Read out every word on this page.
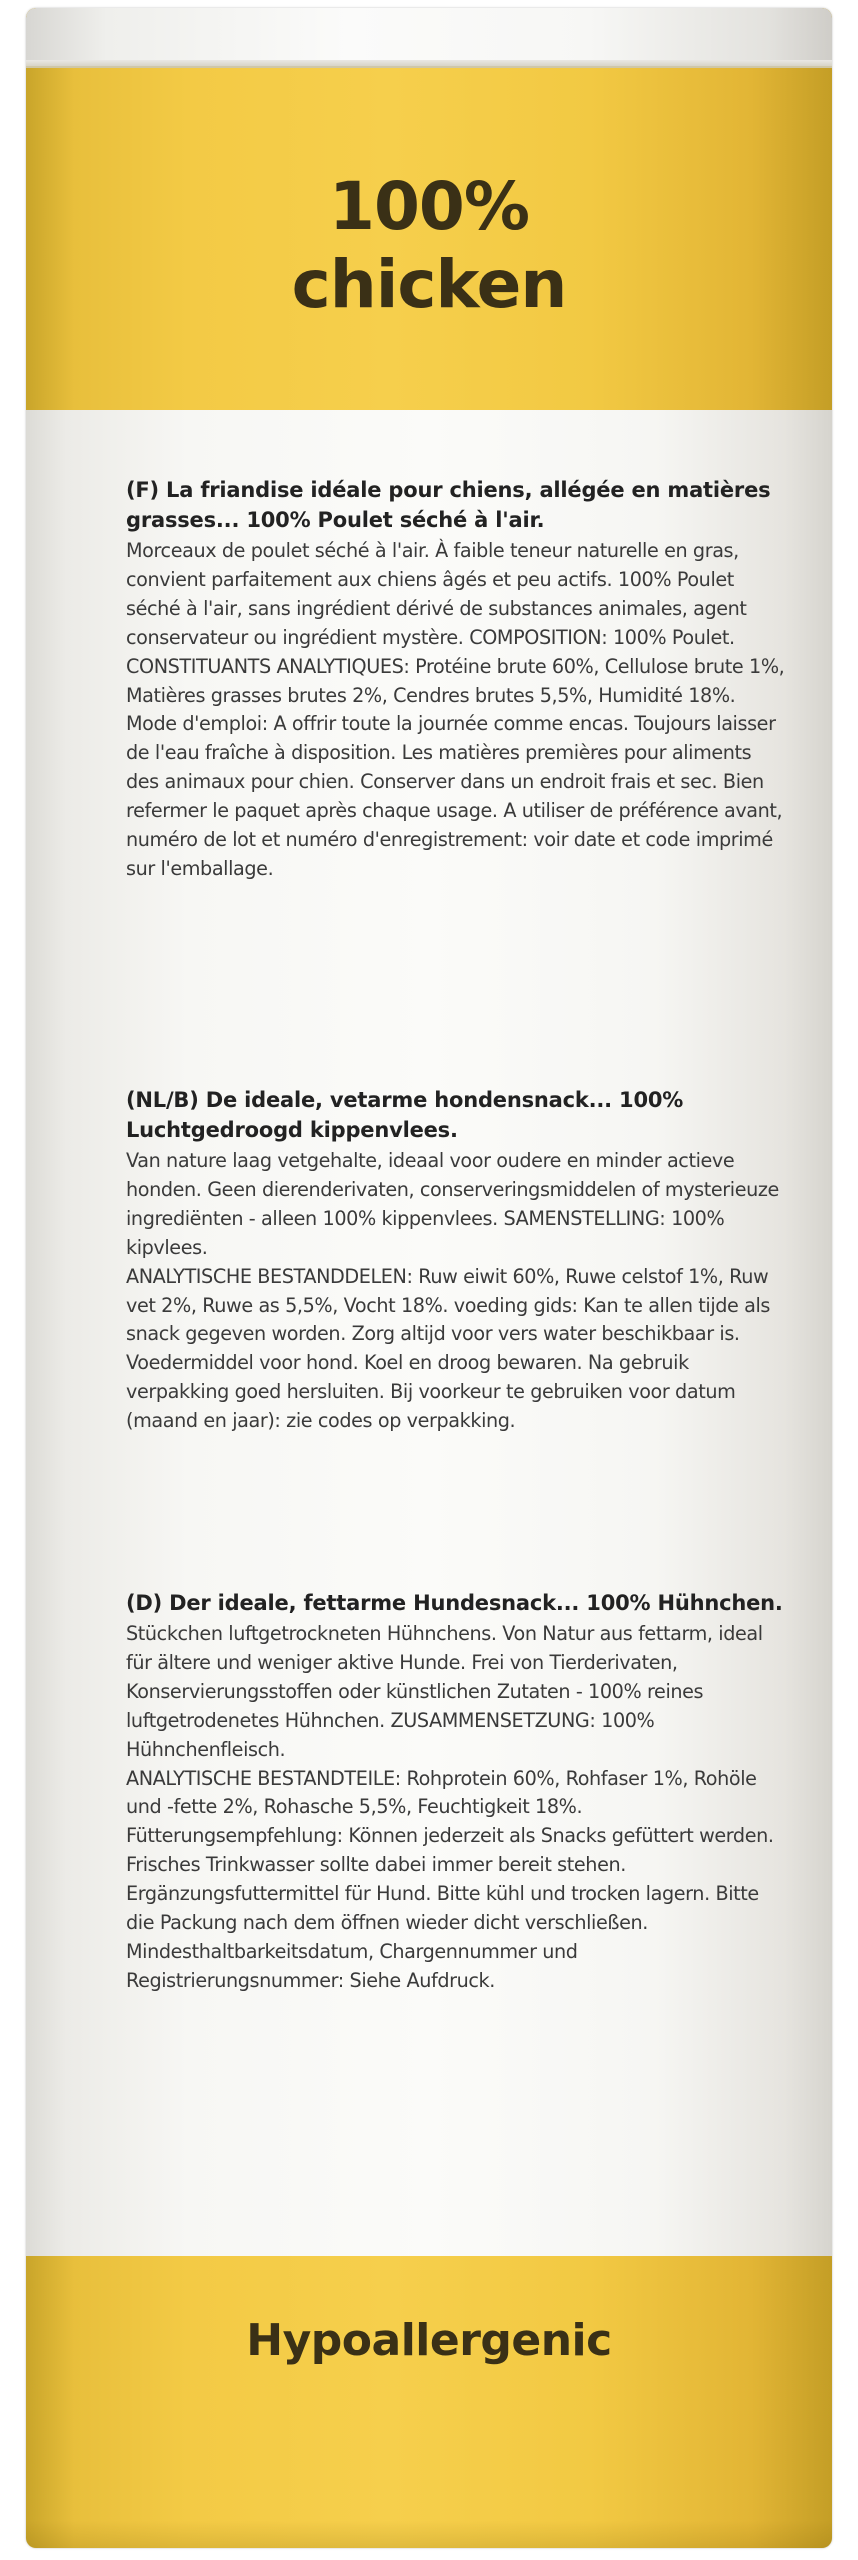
100%
chicken
(F) La friandise idéale pour chiens, allégée en matières grasses... 100% Poulet séché à l'air.
Morceaux de poulet séché à l'air. À faible teneur naturelle en gras, convient parfaitement aux chiens âgés et peu actifs. 100% Poulet séché à l'air, sans ingrédient dérivé de substances animales, agent conservateur ou ingrédient mystère. COMPOSITION: 100% Poulet.
CONSTITUANTS ANALYTIQUES: Protéine brute 60%, Cellulose brute 1%, Matières grasses brutes 2%, Cendres brutes 5,5%, Humidité 18%.
Mode d'emploi: A offrir toute la journée comme encas. Toujours laisser de l'eau fraîche à disposition. Les matières premières pour aliments des animaux pour chien. Conserver dans un endroit frais et sec. Bien refermer le paquet après chaque usage. A utiliser de préférence avant, numéro de lot et numéro d'enregistrement: voir date et code imprimé sur l'emballage.
(NL/B) De ideale, vetarme hondensnack... 100% Luchtgedroogd kippenvlees.
Van nature laag vetgehalte, ideaal voor oudere en minder actieve honden. Geen dierenderivaten, conserveringsmiddelen of mysterieuze ingrediënten - alleen 100% kippenvlees. SAMENSTELLING: 100% kipvlees.
ANALYTISCHE BESTANDDELEN: Ruw eiwit 60%, Ruwe celstof 1%, Ruw vet 2%, Ruwe as 5,5%, Vocht 18%. voeding gids: Kan te allen tijde als snack gegeven worden. Zorg altijd voor vers water beschikbaar is. Voedermiddel voor hond. Koel en droog bewaren. Na gebruik verpakking goed hersluiten. Bij voorkeur te gebruiken voor datum (maand en jaar): zie codes op verpakking.
(D) Der ideale, fettarme Hundesnack... 100% Hühnchen.
Stückchen luftgetrockneten Hühnchens. Von Natur aus fettarm, ideal für ältere und weniger aktive Hunde. Frei von Tierderivaten, Konservierungsstoffen oder künstlichen Zutaten - 100% reines luftgetrodenetes Hühnchen. ZUSAMMENSETZUNG: 100% Hühnchenfleisch.
ANALYTISCHE BESTANDTEILE: Rohprotein 60%, Rohfaser 1%, Rohöle und -fette 2%, Rohasche 5,5%, Feuchtigkeit 18%. Fütterungsempfehlung: Können jederzeit als Snacks gefüttert werden. Frisches Trinkwasser sollte dabei immer bereit stehen. Ergänzungsfuttermittel für Hund. Bitte kühl und trocken lagern. Bitte die Packung nach dem öffnen wieder dicht verschließen. Mindesthaltbarkeitsdatum, Chargennummer und Registrierungsnummer: Siehe Aufdruck.
Hypoallergenic
